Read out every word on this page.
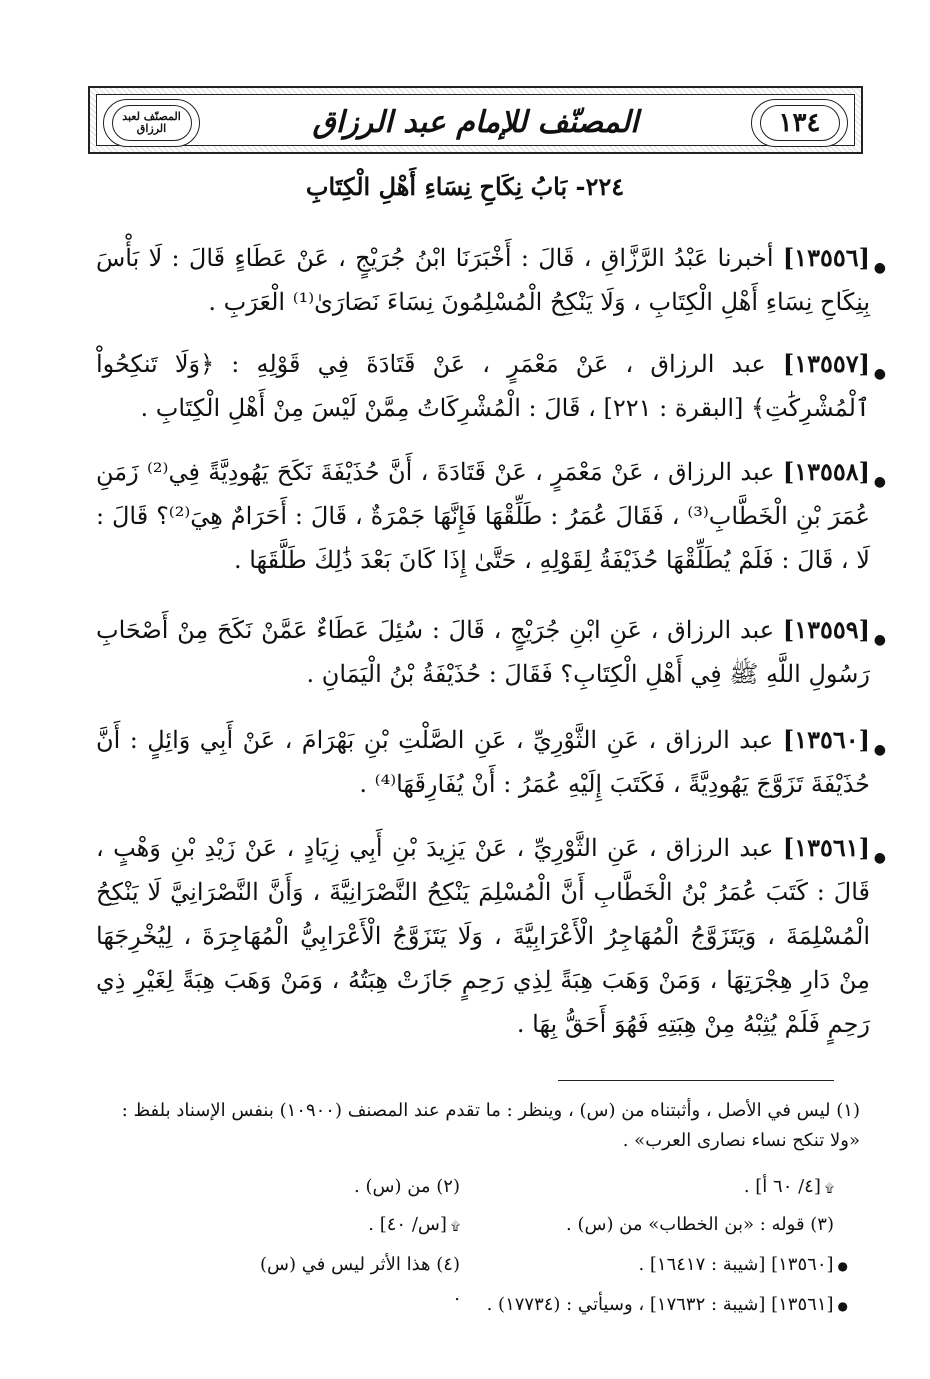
١٣٤
المصنّف للإمام عبد الرزاق
المصنّف لعبد الرزاق
٢٢٤- بَابُ نِكَاحِ نِسَاءِ أَهْلِ الْكِتَابِ
●
[١٣٥٥٦] أخبرنا عَبْدُ الرَّزَّاقِ ، قَالَ : أَخْبَرَنَا ابْنُ جُرَيْجٍ ، عَنْ عَطَاءٍ قَالَ : لَا بَأْسَ بِنِكَاحِ نِسَاءِ أَهْلِ الْكِتَابِ ، وَلَا يَنْكِحُ الْمُسْلِمُونَ نِسَاءَ نَصَارَىٰ⁽¹⁾ الْعَرَبِ .
●
[١٣٥٥٧] عبد الرزاق ، عَنْ مَعْمَرٍ ، عَنْ قَتَادَةَ فِي قَوْلِهِ : ﴿وَلَا تَنكِحُواْ ٱلْمُشْرِكَٰتِ﴾ [البقرة : ٢٢١] ، قَالَ : الْمُشْرِكَاتُ مِمَّنْ لَيْسَ مِنْ أَهْلِ الْكِتَابِ .
●
[١٣٥٥٨] عبد الرزاق ، عَنْ مَعْمَرٍ ، عَنْ قَتَادَةَ ، أَنَّ حُذَيْفَةَ نَكَحَ يَهُودِيَّةً فِي⁽²⁾ زَمَنِ عُمَرَ بْنِ الْخَطَّابِ⁽³⁾ ، فَقَالَ عُمَرُ : طَلِّقْهَا فَإِنَّهَا جَمْرَةٌ ، قَالَ : أَحَرَامٌ هِيَ⁽²⁾؟ قَالَ : لَا ، قَالَ : فَلَمْ يُطَلِّقْهَا حُذَيْفَةُ لِقَوْلِهِ ، حَتَّىٰ إِذَا كَانَ بَعْدَ ذَٰلِكَ طَلَّقَهَا .
●
[١٣٥٥٩] عبد الرزاق ، عَنِ ابْنِ جُرَيْجٍ ، قَالَ : سُئِلَ عَطَاءٌ عَمَّنْ نَكَحَ مِنْ أَصْحَابِ رَسُولِ اللَّهِ ﷺ فِي أَهْلِ الْكِتَابِ؟ فَقَالَ : حُذَيْفَةُ بْنُ الْيَمَانِ .
●
[١٣٥٦٠] عبد الرزاق ، عَنِ الثَّوْرِيِّ ، عَنِ الصَّلْتِ بْنِ بَهْرَامَ ، عَنْ أَبِي وَائِلٍ : أَنَّ حُذَيْفَةَ تَزَوَّجَ يَهُودِيَّةً ، فَكَتَبَ إِلَيْهِ عُمَرُ : أَنْ يُفَارِقَهَا⁽⁴⁾ .
●
[١٣٥٦١] عبد الرزاق ، عَنِ الثَّوْرِيِّ ، عَنْ يَزِيدَ بْنِ أَبِي زِيَادٍ ، عَنْ زَيْدِ بْنِ وَهْبٍ ، قَالَ : كَتَبَ عُمَرُ بْنُ الْخَطَّابِ أَنَّ الْمُسْلِمَ يَنْكِحُ النَّصْرَانِيَّةَ ، وَأَنَّ النَّصْرَانِيَّ لَا يَنْكِحُ الْمُسْلِمَةَ ، وَيَتَزَوَّجُ الْمُهَاجِرُ الْأَعْرَابِيَّةَ ، وَلَا يَتَزَوَّجُ الْأَعْرَابِيُّ الْمُهَاجِرَةَ ، لِيُخْرِجَهَا مِنْ دَارِ هِجْرَتِهَا ، وَمَنْ وَهَبَ هِبَةً لِذِي رَحِمٍ جَازَتْ هِبَتُهُ ، وَمَنْ وَهَبَ هِبَةً لِغَيْرِ ذِي رَحِمٍ فَلَمْ يُثِبْهُ مِنْ هِبَتِهِ فَهُوَ أَحَقُّ بِهَا .
(١) ليس في الأصل ، وأثبتناه من (س) ، وينظر : ما تقدم عند المصنف (١٠٩٠٠) بنفس الإسناد بلفظ : «ولا تنكح نساء نصارى العرب» .
۩[٤/ ٦٠ أ] .
(٢) من (س) .
(٣) قوله : «بن الخطاب» من (س) .
۩[س/ ٤٠] .
●[١٣٥٦٠] [شيبة : ١٦٤١٧] .
(٤) هذا الأثر ليس في (س) .
●[١٣٥٦١] [شيبة : ١٧٦٣٢] ، وسيأتي : (١٧٧٣٤) .
